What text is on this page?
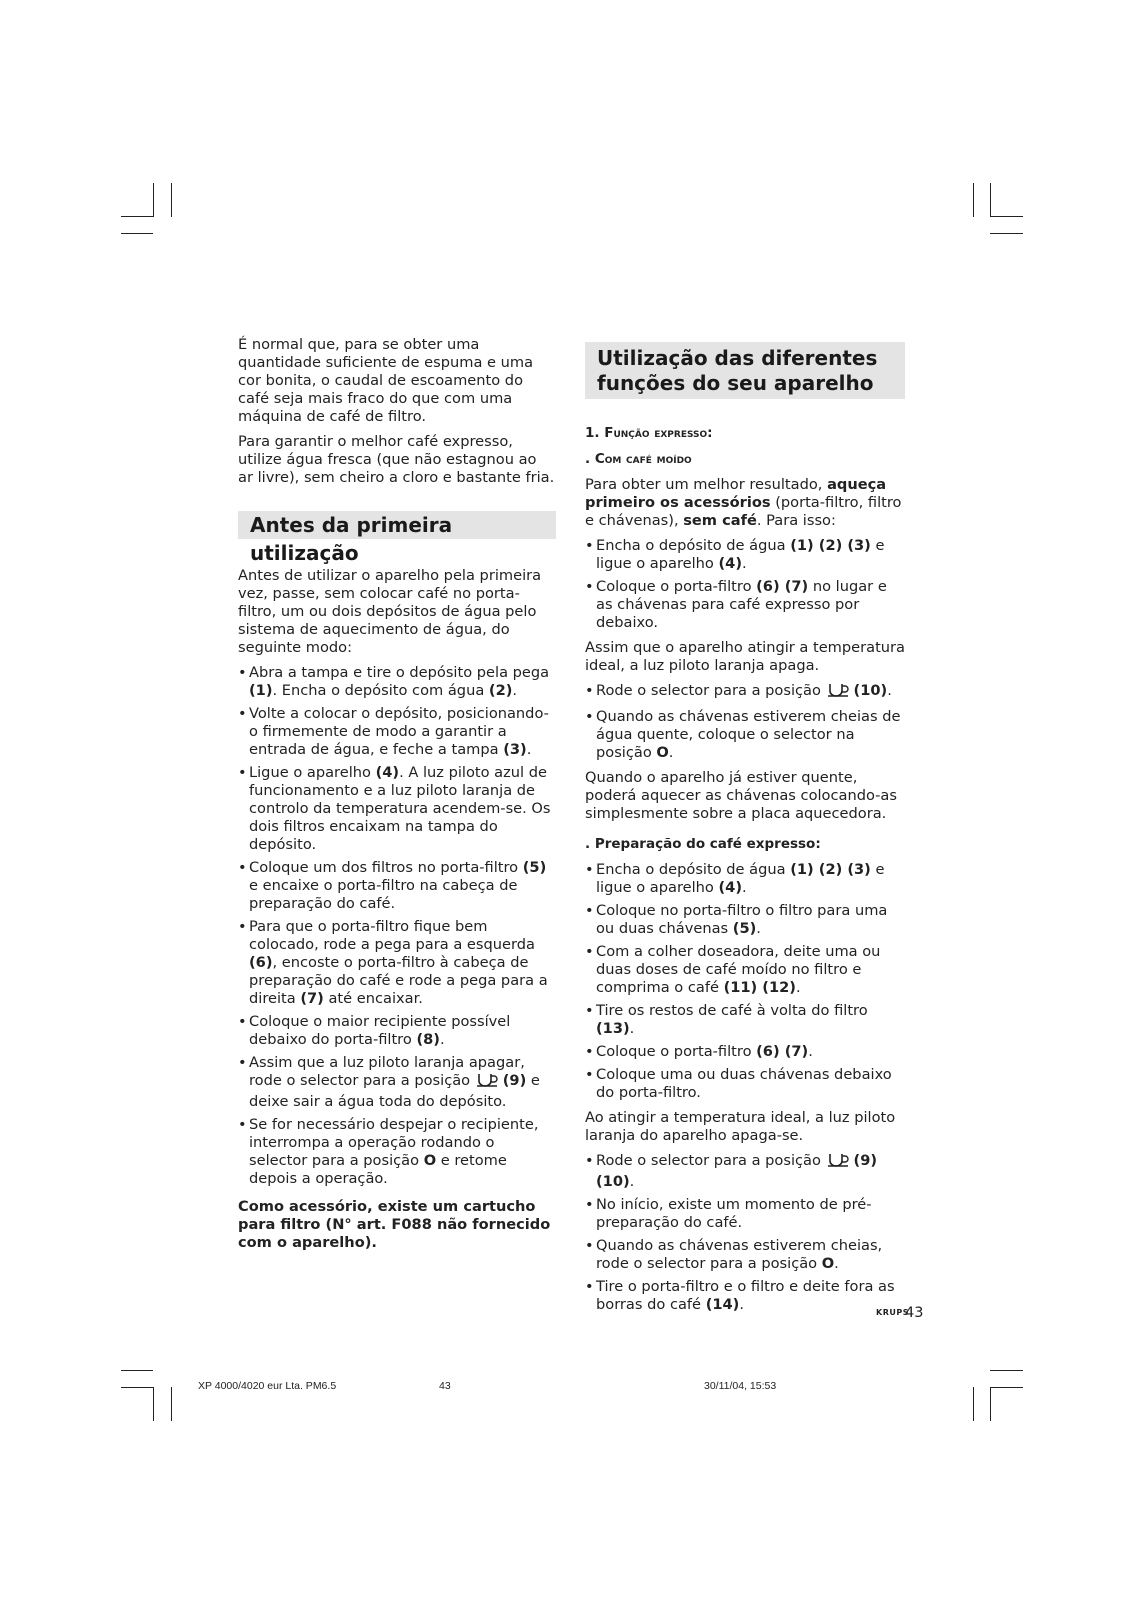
É normal que, para se obter uma quantidade suficiente de espuma e uma cor bonita, o caudal de escoamento do café seja mais fraco do que com uma máquina de café de filtro.

Para garantir o melhor café expresso, utilize água fresca (que não estagnou ao ar livre), sem cheiro a cloro e bastante fria.

Antes da primeira utilização

Antes de utilizar o aparelho pela primeira vez, passe, sem colocar café no porta-filtro, um ou dois depósitos de água pelo sistema de aquecimento de água, do seguinte modo:

• Abra a tampa e tire o depósito pela pega (1). Encha o depósito com água (2).
• Volte a colocar o depósito, posicionando-o firmemente de modo a garantir a entrada de água, e feche a tampa (3).
• Ligue o aparelho (4). A luz piloto azul de funcionamento e a luz piloto laranja de controlo da temperatura acendem-se. Os dois filtros encaixam na tampa do depósito.
• Coloque um dos filtros no porta-filtro (5) e encaixe o porta-filtro na cabeça de preparação do café.
• Para que o porta-filtro fique bem colocado, rode a pega para a esquerda (6), encoste o porta-filtro à cabeça de preparação do café e rode a pega para a direita (7) até encaixar.
• Coloque o maior recipiente possível debaixo do porta-filtro (8).
• Assim que a luz piloto laranja apagar, rode o selector para a posição (9) e deixe sair a água toda do depósito.
• Se for necessário despejar o recipiente, interrompa a operação rodando o selector para a posição O e retome depois a operação.

Como acessório, existe um cartucho para filtro (N° art. F088 não fornecido com o aparelho).

Utilização das diferentes
funções do seu aparelho

1. Função expresso:

. Com café moído

Para obter um melhor resultado, aqueça primeiro os acessórios (porta-filtro, filtro e chávenas), sem café. Para isso:

• Encha o depósito de água (1) (2) (3) e ligue o aparelho (4).
• Coloque o porta-filtro (6) (7) no lugar e as chávenas para café expresso por debaixo.

Assim que o aparelho atingir a temperatura ideal, a luz piloto laranja apaga.

• Rode o selector para a posição (10).
• Quando as chávenas estiverem cheias de água quente, coloque o selector na posição O.

Quando o aparelho já estiver quente, poderá aquecer as chávenas colocando-as simplesmente sobre a placa aquecedora.

. Preparação do café expresso:

• Encha o depósito de água (1) (2) (3) e ligue o aparelho (4).
• Coloque no porta-filtro o filtro para uma ou duas chávenas (5).
• Com a colher doseadora, deite uma ou duas doses de café moído no filtro e comprima o café (11) (12).
• Tire os restos de café à volta do filtro (13).
• Coloque o porta-filtro (6) (7).
• Coloque uma ou duas chávenas debaixo do porta-filtro.

Ao atingir a temperatura ideal, a luz piloto laranja do aparelho apaga-se.

• Rode o selector para a posição (9) (10).
• No início, existe um momento de pré-preparação do café.
• Quando as chávenas estiverem cheias, rode o selector para a posição O.
• Tire o porta-filtro e o filtro e deite fora as borras do café (14).	KRUPS
43
XP 4000/4020 eur Lta. PM6.5	43	30/11/04, 15:53
